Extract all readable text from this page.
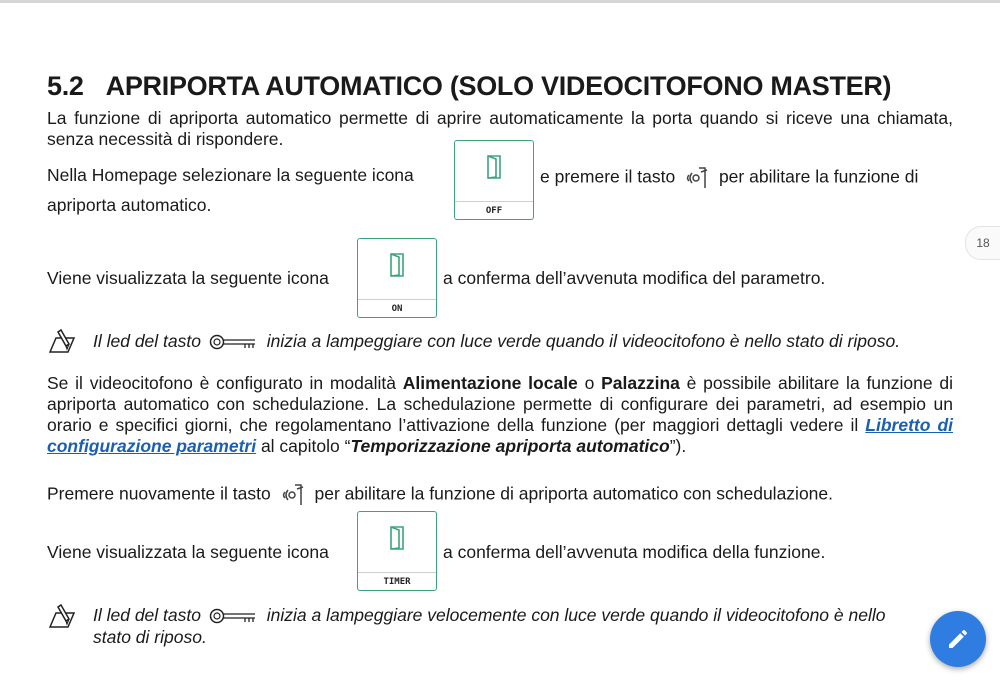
5.2 APRIPORTA AUTOMATICO (SOLO VIDEOCITOFONO MASTER)
La funzione di apriporta automatico permette di aprire automaticamente la porta quando si riceve una chiamata, senza necessità di rispondere.
Nella Homepage selezionare la seguente icona
OFF
e premere il tasto	per abilitare la funzione di
apriporta automatico.
Viene visualizzata la seguente icona
ON
a conferma dell’avvenuta modifica del parametro.
Il led del tasto	inizia a lampeggiare con luce verde quando il videocitofono è nello stato di riposo.
Se il videocitofono è configurato in modalità Alimentazione locale o Palazzina è possibile abilitare la funzione di apriporta automatico con schedulazione. La schedulazione permette di configurare dei parametri, ad esempio un orario e specifici giorni, che regolamentano l’attivazione della funzione (per maggiori dettagli vedere il Libretto di configurazione parametri al capitolo “Temporizzazione apriporta automatico”).
Premere nuovamente il tasto	per abilitare la funzione di apriporta automatico con schedulazione.
Viene visualizzata la seguente icona
TIMER
a conferma dell’avvenuta modifica della funzione.
Il led del tasto	inizia a lampeggiare velocemente con luce verde quando il videocitofono è nello
stato di riposo.
18
